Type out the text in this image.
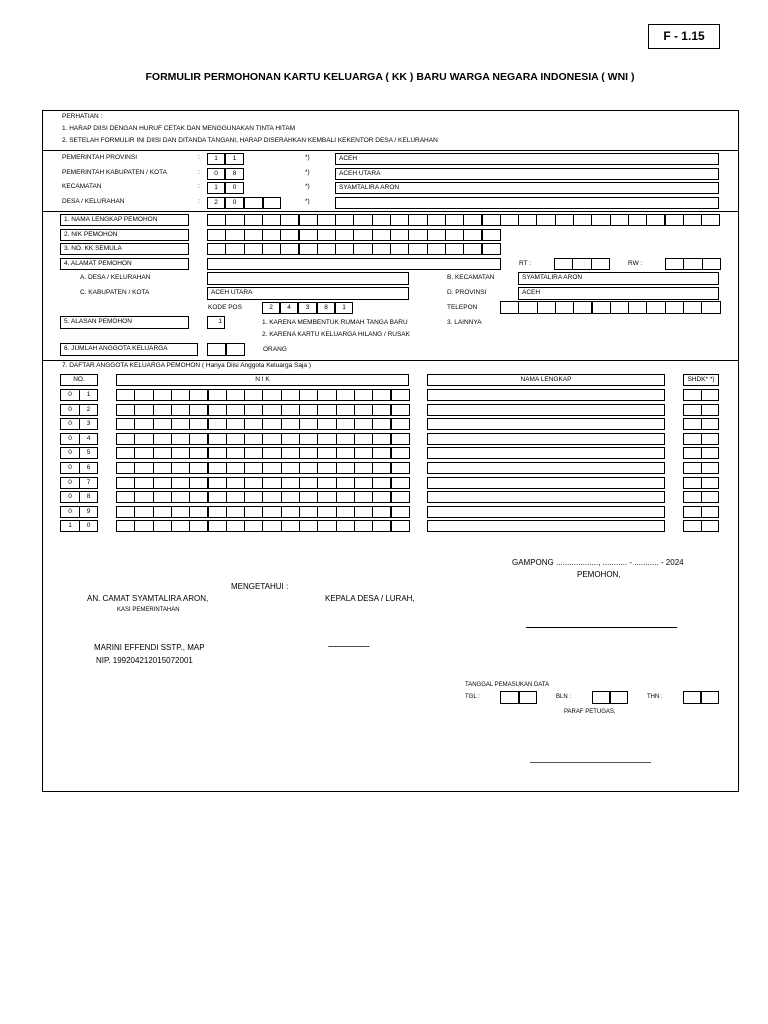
F - 1.15
FORMULIR PERMOHONAN KARTU KELUARGA ( KK ) BARU WARGA NEGARA INDONESIA ( WNI )
PERHATIAN :
1. HARAP DIISI DENGAN HURUF CETAK DAN MENGGUNAKAN TINTA HITAM
2. SETELAH FORMULIR INI DIISI DAN DITANDA TANGANI, HARAP DISERAHKAN KEMBALI KEKENTOR DESA / KELURAHAN
PEMERINTAH PROVINSI	:	1	1	*)	ACEH
PEMERINTAH KABUPATEN / KOTA	:	0	8	*)	ACEH UTARA
KECAMATAN	:	1	0	*)	SYAMTALIRA ARON
DESA / KELURAHAN	:	2	0	*)
1. NAMA LENGKAP PEMOHON
2. NIK PEMOHON
3. NO. KK SEMULA
4. ALAMAT PEMOHON	RT :	RW :
A. DESA / KELURAHAN	B. KECAMATAN	SYAMTALIRA ARON
C. KABUPATEN / KOTA	ACEH UTARA	D. PROVINSI	ACEH
KODE POS	2	4	3	8	1	TELEPON
5. ALASAN PEMOHON	1	1. KARENA MEMBENTUK RUMAH TANGA BARU
2. KARENA KARTU KELUARGA HILANG / RUSAK
3. LAINNYA
6. JUMLAH ANGGOTA KELUARGA	ORANG
7. DAFTAR ANGGOTA KELUARGA PEMOHON ( Hanya Diisi Anggota Keluarga Saja )
NO.	N I K	NAMA LENGKAP	SHDK* *)
0	1
0	2
0	3
0	4
0	5
0	6
0	7
0	8
0	9
1	0
GAMPONG ..................., ........... - ........... - 2024
PEMOHON,
MENGETAHUI :
AN. CAMAT SYAMTALIRA ARON,
KASI PEMERINTAHAN
KEPALA DESA / LURAH,
MARINI EFFENDI SSTP., MAP
NIP. 199204212015072001
....................................................
TANGGAL PEMASUKAN DATA
TGL :	BLN :	THN :
PARAF PETUGAS,
